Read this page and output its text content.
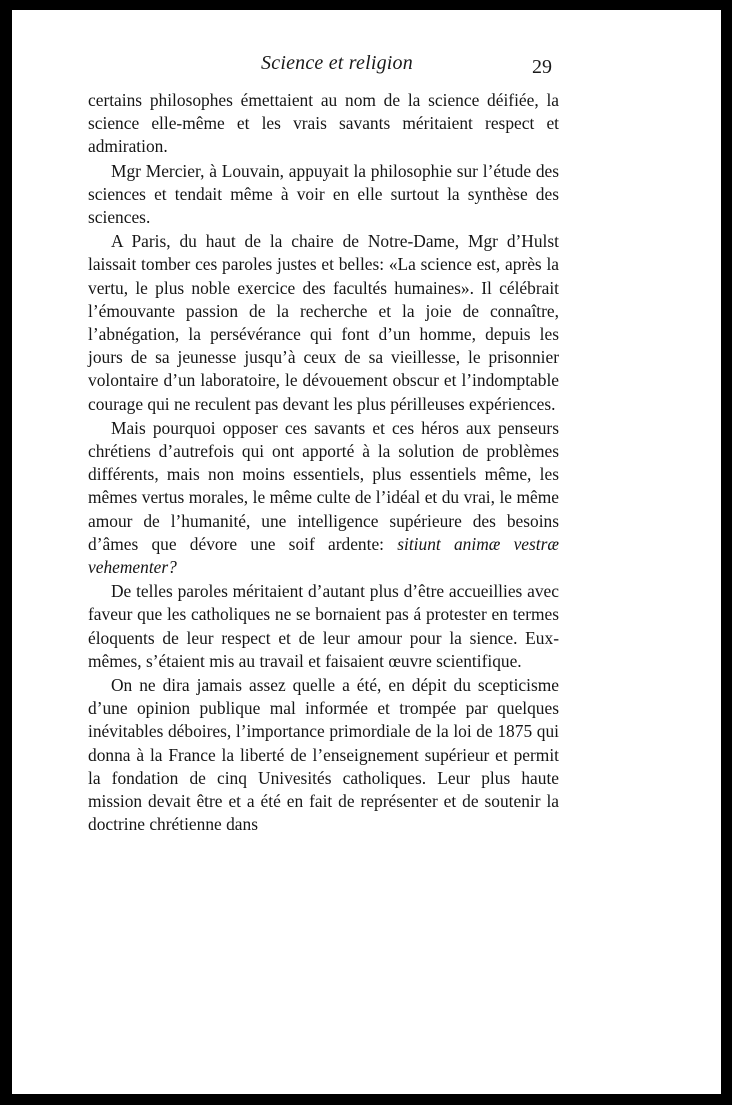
Science et religion	29

certains philosophes émettaient au nom de la science déifiée, la science elle-même et les vrais savants méritaient respect et admiration.

Mgr Mercier, à Louvain, appuyait la philosophie sur l’étude des sciences et tendait même à voir en elle surtout la synthèse des sciences.

A Paris, du haut de la chaire de Notre-Dame, Mgr d’Hulst laissait tomber ces paroles justes et belles: «La science est, après la vertu, le plus noble exercice des facultés humaines». Il célébrait l’émouvante passion de la recherche et la joie de connaître, l’abnégation, la persévérance qui font d’un homme, depuis les jours de sa jeunesse jusqu’à ceux de sa vieillesse, le prisonnier volontaire d’un laboratoire, le dévouement obscur et l’indomptable courage qui ne reculent pas devant les plus périlleuses expériences.

Mais pourquoi opposer ces savants et ces héros aux penseurs chrétiens d’autrefois qui ont apporté à la solution de problèmes différents, mais non moins essentiels, plus essentiels même, les mêmes vertus morales, le même culte de l’idéal et du vrai, le même amour de l’humanité, une intelligence supérieure des besoins d’âmes que dévore une soif ardente: sitiunt animæ vestræ vehementer?

De telles paroles méritaient d’autant plus d’être accueillies avec faveur que les catholiques ne se bornaient pas á protester en termes éloquents de leur respect et de leur amour pour la sience. Eux-mêmes, s’étaient mis au travail et faisaient œuvre scientifique.

On ne dira jamais assez quelle a été, en dépit du scepticisme d’une opinion publique mal informée et trompée par quelques inévitables déboires, l’importance primordiale de la loi de 1875 qui donna à la France la liberté de l’enseignement supérieur et permit la fondation de cinq Univesités catholiques. Leur plus haute mission devait être et a été en fait de représenter et de soutenir la doctrine chrétienne dans
